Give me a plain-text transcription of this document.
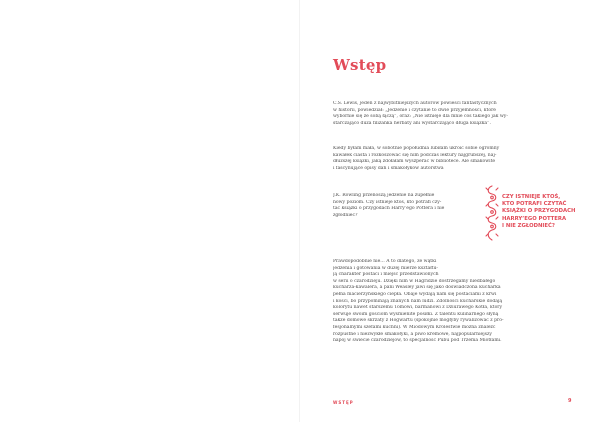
Wstęp

C.S. Lewis, jeden z najwybitniejszych autorów powieści fantastycznych
w historii, powiedział: „Jedzenie i czytanie to dwie przyjemności, które
wybornie się ze sobą łączą”, oraz: „Nie istnieje dla mnie coś takiego jak wy-
starczająco duża filiżanka herbaty ani wystarczająco długa książka”.

Kiedy byłam mała, w sobotnie popołudnia lubiłam ukroić sobie ogromny
kawałek ciasta i rozkoszować się nim podczas lektury najgrubszej, naj-
dłuższej książki, jaką zdołałam wyszperać w bibliotece. Ale smakowite
i fascynujące opisy dań i smakołyków autorstwa

J.K. Rowling przenoszą jedzenie na zupełnie
nowy poziom. Czy istnieje ktoś, kto potrafi czy-
tać książki o przygodach Harry’ego Pottera i nie
zgłodnieć?

Prawdopodobnie nie… A to dlatego, że wątki
jedzenia i gotowania w dużej mierze kształtu-
ją charakter postaci i miejsc przedstawionych
w serii o czarodzieju. Dzięki nim w Hagridzie dostrzegamy niedbałego
kucharza-kawalera, a pani Weasley jawi się jako doświadczona kucharka
pełna macierzyńskiego ciepła. Obaje wydają nam się postaciami z krwi
i kości, bo przypominają znanych nam ludzi. Zdolności kucharskie dodają
kolorytu nawet starszemu Tomowi, barmanowi z Dziurawego Kotła, który
serwuje swoim gościom wyśmienite posiłki. Z talentu kulinarnego słyną
także domowe skrzaty z Hogwartu (spokojnie mogłyby rywalizować z pro-
fesjonalnymi szefami kuchni). W Miodowym Królestwie można znaleźć
rozpustne i niezwykłe smakołyki, a piwo kremowe, najpopularniejszy
napój w świecie czarodziejów, to specjalność Pubu pod Trzema Miotłami.

CZY ISTNIEJE KTOŚ,
KTO POTRAFI CZYTAĆ
KSIĄŻKI O PRZYGODACH
HARRY’EGO POTTERA
I NIE ZGŁODNIEĆ?
WSTĘP	9
